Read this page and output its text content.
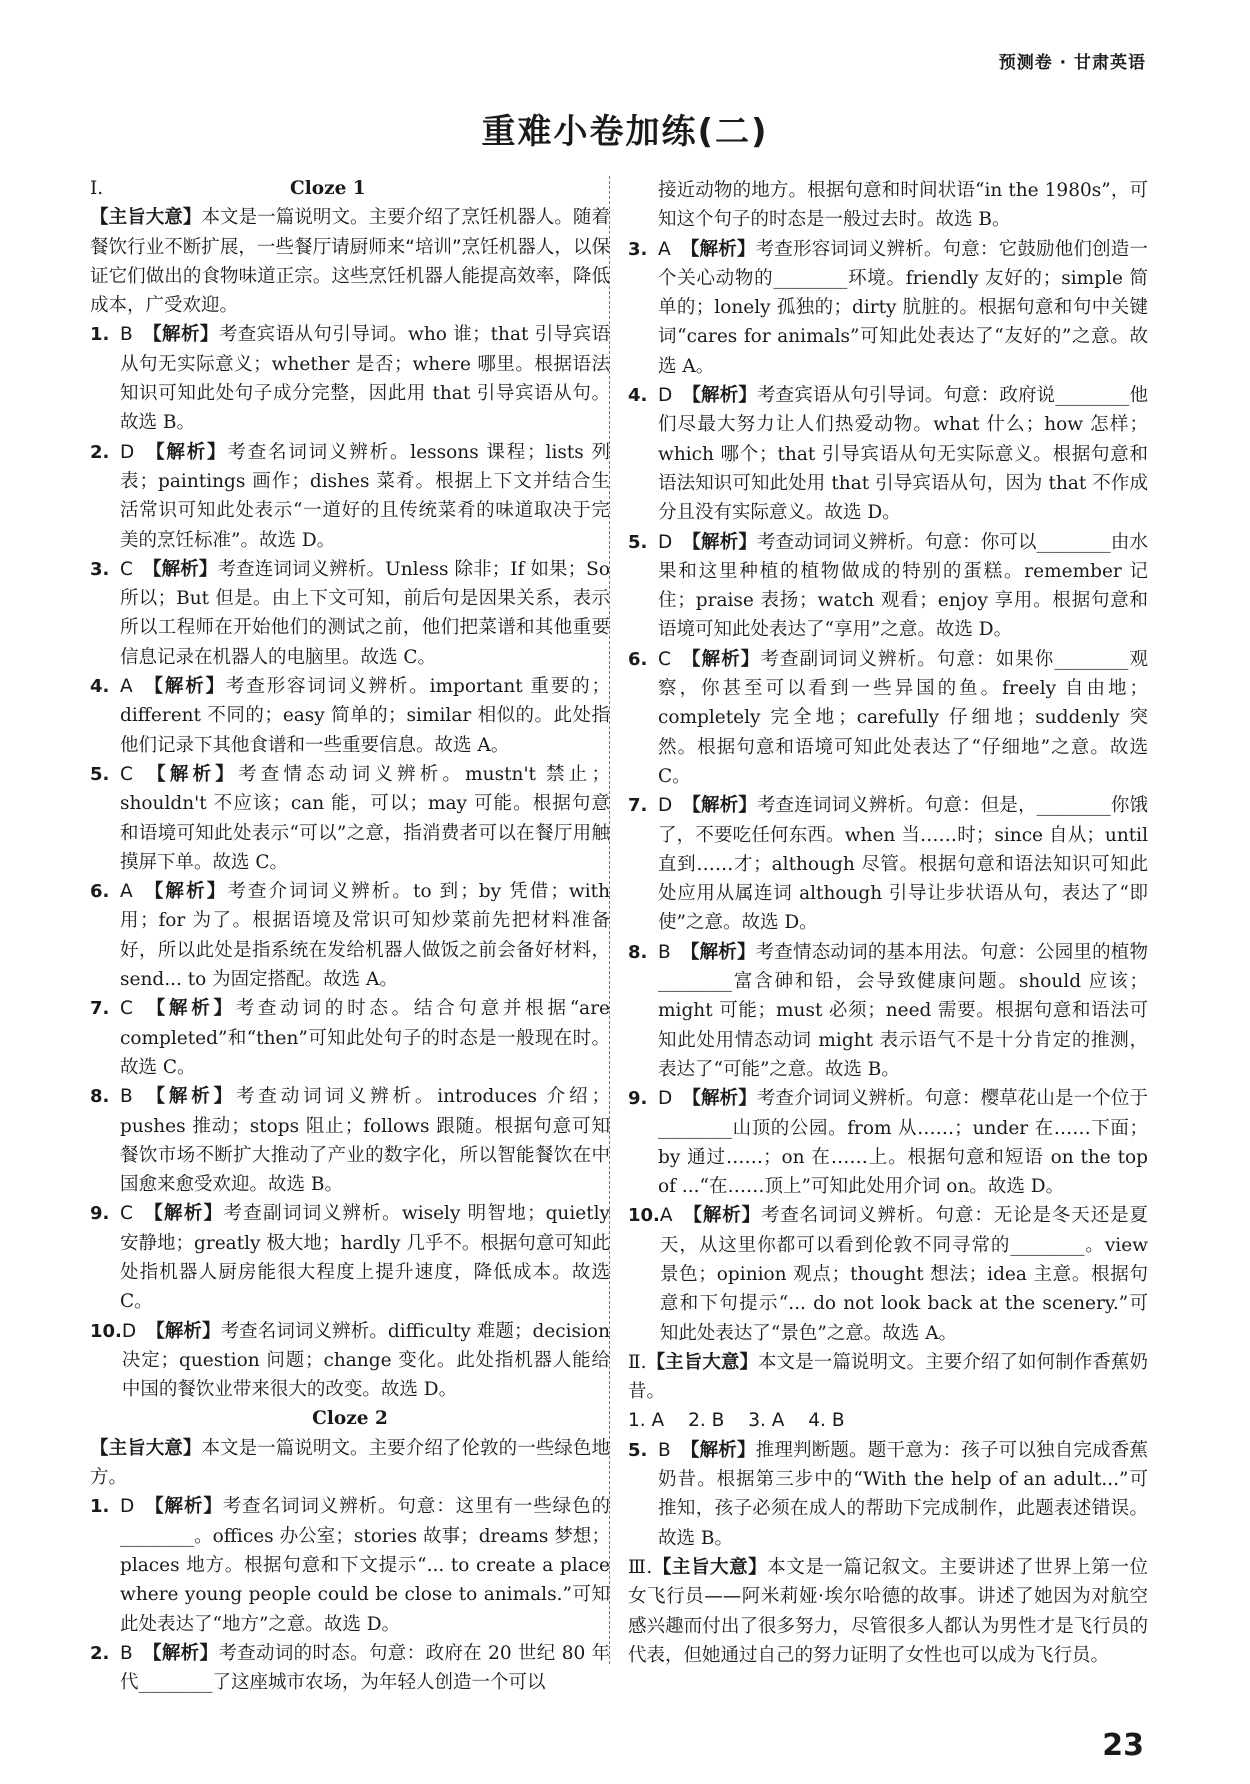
预测卷 · 甘肃英语
重难小卷加练(二)
Ⅰ.	Cloze 1
【主旨大意】本文是一篇说明文。主要介绍了烹饪机器人。随着餐饮行业不断扩展，一些餐厅请厨师来“培训”烹饪机器人，以保证它们做出的食物味道正宗。这些烹饪机器人能提高效率，降低成本，广受欢迎。
1. B 【解析】考查宾语从句引导词。who 谁；that 引导宾语从句无实际意义；whether 是否；where 哪里。根据语法知识可知此处句子成分完整，因此用 that 引导宾语从句。故选 B。
2. D 【解析】考查名词词义辨析。lessons 课程；lists 列表；paintings 画作；dishes 菜肴。根据上下文并结合生活常识可知此处表示“一道好的且传统菜肴的味道取决于完美的烹饪标准”。故选 D。
3. C 【解析】考查连词词义辨析。Unless 除非；If 如果；So 所以；But 但是。由上下文可知，前后句是因果关系，表示所以工程师在开始他们的测试之前，他们把菜谱和其他重要信息记录在机器人的电脑里。故选 C。
4. A 【解析】考查形容词词义辨析。important 重要的；different 不同的；easy 简单的；similar 相似的。此处指他们记录下其他食谱和一些重要信息。故选 A。
5. C 【解析】考查情态动词义辨析。mustn't 禁止；shouldn't 不应该；can 能，可以；may 可能。根据句意和语境可知此处表示“可以”之意，指消费者可以在餐厅用触摸屏下单。故选 C。
6. A 【解析】考查介词词义辨析。to 到；by 凭借；with 用；for 为了。根据语境及常识可知炒菜前先把材料准备好，所以此处是指系统在发给机器人做饭之前会备好材料，send... to 为固定搭配。故选 A。
7. C 【解析】考查动词的时态。结合句意并根据“are completed”和“then”可知此处句子的时态是一般现在时。故选 C。
8. B 【解析】考查动词词义辨析。introduces 介绍；pushes 推动；stops 阻止；follows 跟随。根据句意可知餐饮市场不断扩大推动了产业的数字化，所以智能餐饮在中国愈来愈受欢迎。故选 B。
9. C 【解析】考查副词词义辨析。wisely 明智地；quietly 安静地；greatly 极大地；hardly 几乎不。根据句意可知此处指机器人厨房能很大程度上提升速度，降低成本。故选 C。
10. D 【解析】考查名词词义辨析。difficulty 难题；decision 决定；question 问题；change 变化。此处指机器人能给中国的餐饮业带来很大的改变。故选 D。
Cloze 2
【主旨大意】本文是一篇说明文。主要介绍了伦敦的一些绿色地方。
1. D 【解析】考查名词词义辨析。句意：这里有一些绿色的________。offices 办公室；stories 故事；dreams 梦想；places 地方。根据句意和下文提示“... to create a place where young people could be close to animals.”可知此处表达了“地方”之意。故选 D。
2. B 【解析】考查动词的时态。句意：政府在 20 世纪 80 年代________了这座城市农场，为年轻人创造一个可以
接近动物的地方。根据句意和时间状语“in the 1980s”，可知这个句子的时态是一般过去时。故选 B。
3. A 【解析】考查形容词词义辨析。句意：它鼓励他们创造一个关心动物的________环境。friendly 友好的；simple 简单的；lonely 孤独的；dirty 肮脏的。根据句意和句中关键词“cares for animals”可知此处表达了“友好的”之意。故选 A。
4. D 【解析】考查宾语从句引导词。句意：政府说________他们尽最大努力让人们热爱动物。what 什么；how 怎样；which 哪个；that 引导宾语从句无实际意义。根据句意和语法知识可知此处用 that 引导宾语从句，因为 that 不作成分且没有实际意义。故选 D。
5. D 【解析】考查动词词义辨析。句意：你可以________由水果和这里种植的植物做成的特别的蛋糕。remember 记住；praise 表扬；watch 观看；enjoy 享用。根据句意和语境可知此处表达了“享用”之意。故选 D。
6. C 【解析】考查副词词义辨析。句意：如果你________观察，你甚至可以看到一些异国的鱼。freely 自由地；completely 完全地；carefully 仔细地；suddenly 突然。根据句意和语境可知此处表达了“仔细地”之意。故选 C。
7. D 【解析】考查连词词义辨析。句意：但是，________你饿了，不要吃任何东西。when 当……时；since 自从；until 直到……才；although 尽管。根据句意和语法知识可知此处应用从属连词 although 引导让步状语从句，表达了“即使”之意。故选 D。
8. B 【解析】考查情态动词的基本用法。句意：公园里的植物________富含砷和铅，会导致健康问题。should 应该；might 可能；must 必须；need 需要。根据句意和语法可知此处用情态动词 might 表示语气不是十分肯定的推测，表达了“可能”之意。故选 B。
9. D 【解析】考查介词词义辨析。句意：樱草花山是一个位于________山顶的公园。from 从……；under 在……下面；by 通过……；on 在……上。根据句意和短语 on the top of ...“在……顶上”可知此处用介词 on。故选 D。
10. A 【解析】考查名词词义辨析。句意：无论是冬天还是夏天，从这里你都可以看到伦敦不同寻常的________。view 景色；opinion 观点；thought 想法；idea 主意。根据句意和下句提示“... do not look back at the scenery.”可知此处表达了“景色”之意。故选 A。
Ⅱ.【主旨大意】本文是一篇说明文。主要介绍了如何制作香蕉奶昔。
1. A 2. B 3. A 4. B
5. B 【解析】推理判断题。题干意为：孩子可以独自完成香蕉奶昔。根据第三步中的“With the help of an adult...”可推知，孩子必须在成人的帮助下完成制作，此题表述错误。故选 B。
Ⅲ.【主旨大意】本文是一篇记叙文。主要讲述了世界上第一位女飞行员——阿米莉娅·埃尔哈德的故事。讲述了她因为对航空感兴趣而付出了很多努力，尽管很多人都认为男性才是飞行员的代表，但她通过自己的努力证明了女性也可以成为飞行员。
23
